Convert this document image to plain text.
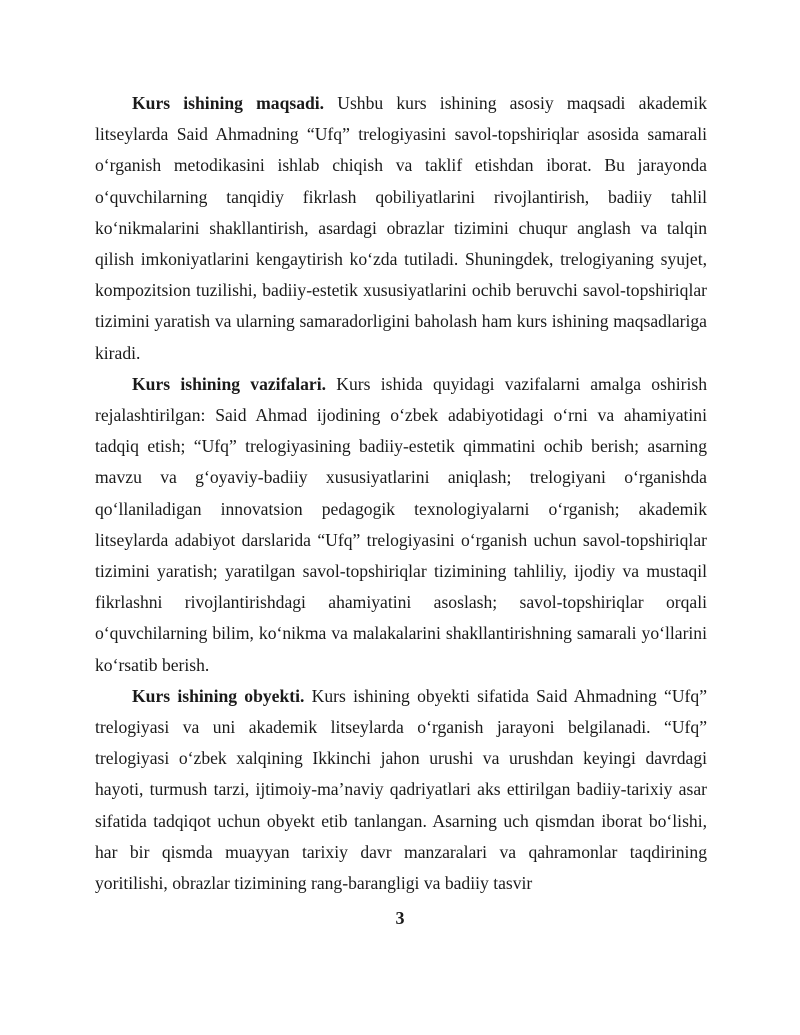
Kurs ishining maqsadi. Ushbu kurs ishining asosiy maqsadi akademik litseylarda Said Ahmadning “Ufq” trelogiyasini savol-topshiriqlar asosida samarali o‘rganish metodikasini ishlab chiqish va taklif etishdan iborat. Bu jarayonda o‘quvchilarning tanqidiy fikrlash qobiliyatlarini rivojlantirish, badiiy tahlil ko‘nikmalarini shakllantirish, asardagi obrazlar tizimini chuqur anglash va talqin qilish imkoniyatlarini kengaytirish ko‘zda tutiladi. Shuningdek, trelogiyaning syujet, kompozitsion tuzilishi, badiiy-estetik xususiyatlarini ochib beruvchi savol-topshiriqlar tizimini yaratish va ularning samaradorligini baholash ham kurs ishining maqsadlariga kiradi.

Kurs ishining vazifalari. Kurs ishida quyidagi vazifalarni amalga oshirish rejalashtirilgan: Said Ahmad ijodining o‘zbek adabiyotidagi o‘rni va ahamiyatini tadqiq etish; “Ufq” trelogiyasining badiiy-estetik qimmatini ochib berish; asarning mavzu va g‘oyaviy-badiiy xususiyatlarini aniqlash; trelogiyani o‘rganishda qo‘llaniladigan innovatsion pedagogik texnologiyalarni o‘rganish; akademik litseylarda adabiyot darslarida “Ufq” trelogiyasini o‘rganish uchun savol-topshiriqlar tizimini yaratish; yaratilgan savol-topshiriqlar tizimining tahliliy, ijodiy va mustaqil fikrlashni rivojlantirishdagi ahamiyatini asoslash; savol-topshiriqlar orqali o‘quvchilarning bilim, ko‘nikma va malakalarini shakllantirishning samarali yo‘llarini ko‘rsatib berish.

Kurs ishining obyekti. Kurs ishining obyekti sifatida Said Ahmadning “Ufq” trelogiyasi va uni akademik litseylarda o‘rganish jarayoni belgilanadi. “Ufq” trelogiyasi o‘zbek xalqining Ikkinchi jahon urushi va urushdan keyingi davrdagi hayoti, turmush tarzi, ijtimoiy-ma’naviy qadriyatlari aks ettirilgan badiiy-tarixiy asar sifatida tadqiqot uchun obyekt etib tanlangan. Asarning uch qismdan iborat bo‘lishi, har bir qismda muayyan tarixiy davr manzaralari va qahramonlar taqdirining yoritilishi, obrazlar tizimining rang-barangligi va badiiy tasvir

3
